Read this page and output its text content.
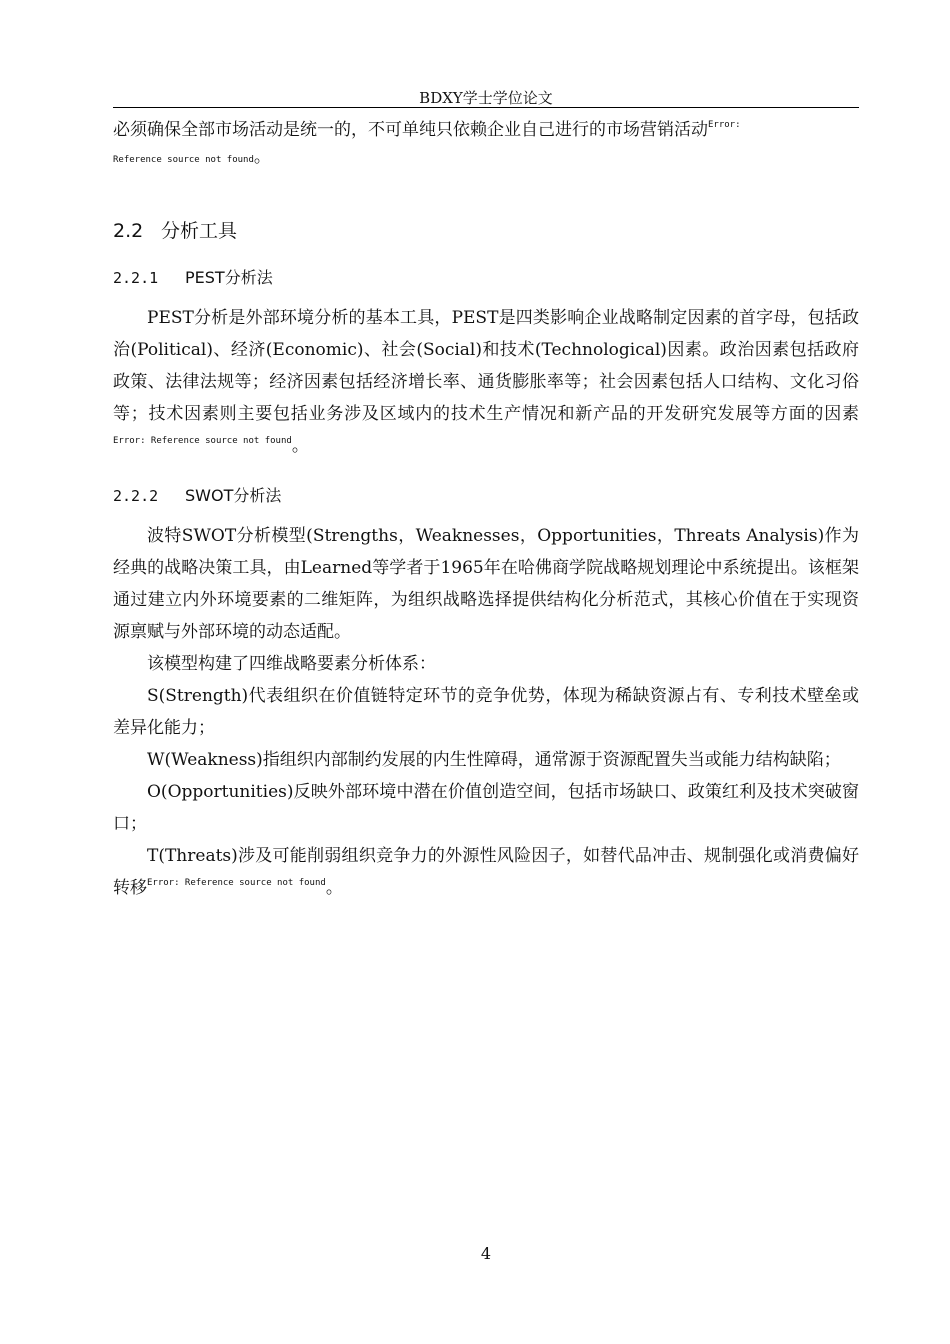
BDXY学士学位论文

必须确保全部市场活动是统一的，不可单纯只依赖企业自己进行的市场营销活动$^{Error:}$

Reference source not found。
2.2 分析工具
2.2.1 PEST分析法

PEST分析是外部环境分析的基本工具，PEST是四类影响企业战略制定因素的首字母，包括政治(Political)、经济(Economic)、社会(Social)和技术(Technological)因素。政治因素包括政府政策、法律法规等；经济因素包括经济增长率、通货膨胀率等；社会因素包括人口结构、文化习俗等；技术因素则主要包括业务涉及区域内的技术生产情况和新产品的开发研究发展等方面的因素$^{Error: Reference source not found}$。

2.2.2 SWOT分析法

波特SWOT分析模型(Strengths，Weaknesses，Opportunities，Threats Analysis)作为经典的战略决策工具，由Learned等学者于1965年在哈佛商学院战略规划理论中系统提出。该框架通过建立内外环境要素的二维矩阵，为组织战略选择提供结构化分析范式，其核心价值在于实现资源禀赋与外部环境的动态适配。

该模型构建了四维战略要素分析体系：

S(Strength)代表组织在价值链特定环节的竞争优势，体现为稀缺资源占有、专利技术壁垒或差异化能力；

W(Weakness)指组织内部制约发展的内生性障碍，通常源于资源配置失当或能力结构缺陷；

O(Opportunities)反映外部环境中潜在价值创造空间，包括市场缺口、政策红利及技术突破窗口；

T(Threats)涉及可能削弱组织竞争力的外源性风险因子，如替代品冲击、规制强化或消费偏好转移$^{Error: Reference source not found}$。

4
